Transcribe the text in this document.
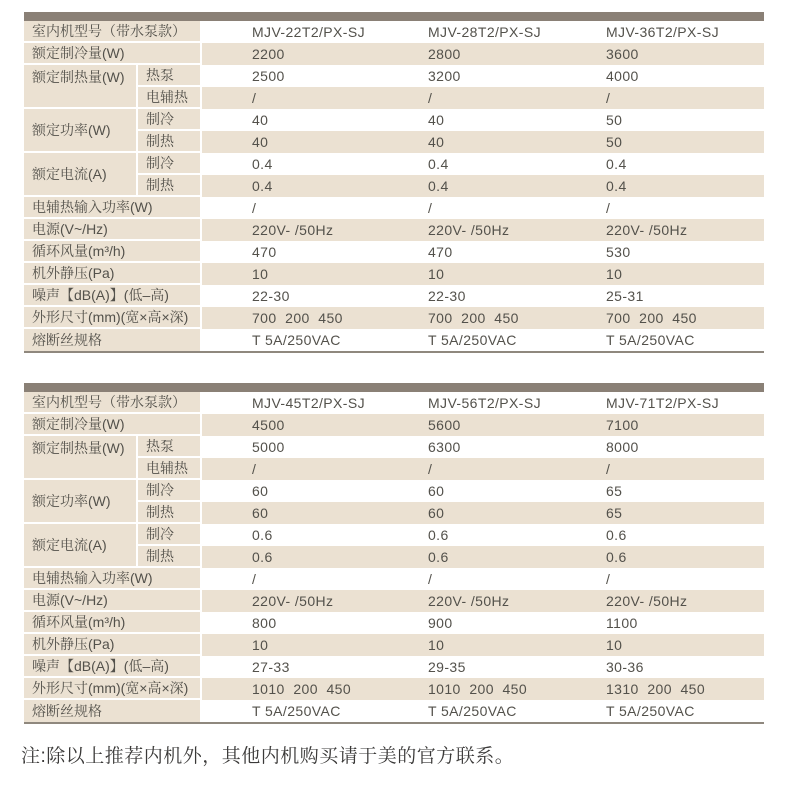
室内机型号（带水泵款）		MJV-22T2/PX-SJ	MJV-28T2/PX-SJ	MJV-36T2/PX-SJ
额定制冷量(W)		2200	2800	3600
额定制热量(W)	热泵	2500	3200	4000
	电辅热	/	/	/
额定功率(W)	制冷	40	40	50
	制热	40	40	50
额定电流(A)	制冷	0.4	0.4	0.4
	制热	0.4	0.4	0.4
电辅热输入功率(W)		/	/	/
电源(V~/Hz)		220V- /50Hz	220V- /50Hz	220V- /50Hz
循环风量(m³/h)		470	470	530
机外静压(Pa)		10	10	10
噪声【dB(A)】(低–高)		22-30	22-30	25-31
外形尺寸(mm)(宽×高×深)		700  200  450	700  200  450	700  200  450
熔断丝规格		T 5A/250VAC	T 5A/250VAC	T 5A/250VAC
室内机型号（带水泵款）		MJV-45T2/PX-SJ	MJV-56T2/PX-SJ	MJV-71T2/PX-SJ
额定制冷量(W)		4500	5600	7100
额定制热量(W)	热泵	5000	6300	8000
	电辅热	/	/	/
额定功率(W)	制冷	60	60	65
	制热	60	60	65
额定电流(A)	制冷	0.6	0.6	0.6
	制热	0.6	0.6	0.6
电辅热输入功率(W)		/	/	/
电源(V~/Hz)		220V- /50Hz	220V- /50Hz	220V- /50Hz
循环风量(m³/h)		800	900	1100
机外静压(Pa)		10	10	10
噪声【dB(A)】(低–高)		27-33	29-35	30-36
外形尺寸(mm)(宽×高×深)		1010  200  450	1010  200  450	1310  200  450
熔断丝规格		T 5A/250VAC	T 5A/250VAC	T 5A/250VAC

注:除以上推荐内机外，其他内机购买请于美的官方联系。
